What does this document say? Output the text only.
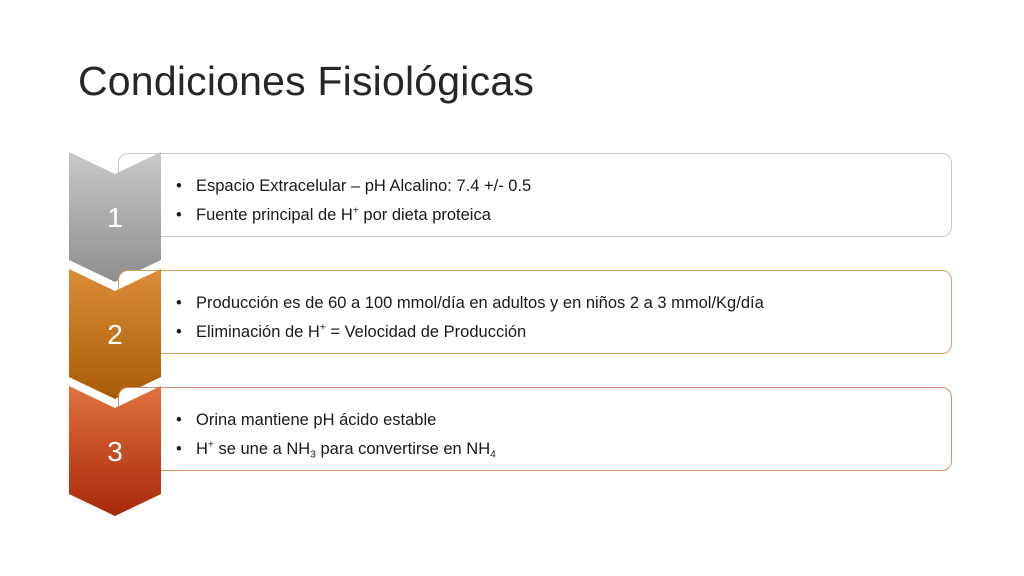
Condiciones Fisiológicas
• Espacio Extracelular – pH Alcalino: 7.4 +/- 0.5
• Fuente principal de H+ por dieta proteica
1
• Producción es de 60 a 100 mmol/día en adultos y en niños 2 a 3 mmol/Kg/día
• Eliminación de H+ = Velocidad de Producción
2
• Orina mantiene pH ácido estable
• H+ se une a $NH_3$ para convertirse en $NH_4$
3
